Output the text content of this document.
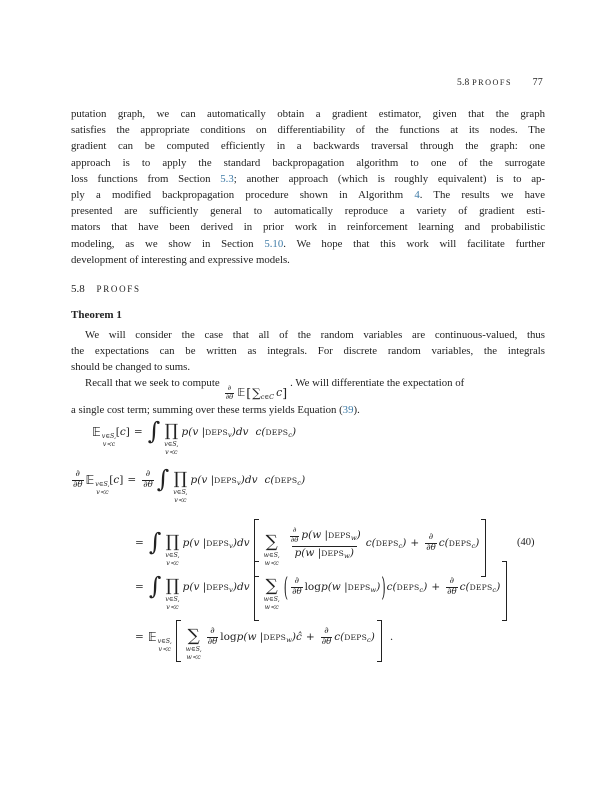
5.8 PROOFS 77
putation graph, we can automatically obtain a gradient estimator, given that the graph
satisfies the appropriate conditions on differentiability of the functions at its nodes. The
gradient can be computed efficiently in a backwards traversal through the graph: one
approach is to apply the standard backpropagation algorithm to one of the surrogate
loss functions from Section 5.3; another approach (which is roughly equivalent) is to ap-
ply a modified backpropagation procedure shown in Algorithm 4. The results we have
presented are sufficiently general to automatically reproduce a variety of gradient esti-
mators that have been derived in prior work in reinforcement learning and probabilistic
modeling, as we show in Section 5.10. We hope that this work will facilitate further
development of interesting and expressive models.
5.8 PROOFS
Theorem 1
We will consider the case that all of the random variables are continuous-valued, thus
the expectations can be written as integrals. For discrete random variables, the integrals
should be changed to sums.
Recall that we seek to compute ∂
∂θ 𝔼 [ ∑ c∈C c ]
. We will differentiate the expectation of
a single cost term; summing over these terms yields Equation (39).
𝔼 v∈S,
v≺c
[ c ] = ∫ ∏
v∈S,
v≺c
p(v | DEPS v )dv c( DEPS c )
∂
∂θ 𝔼 v∈S,
v≺c
[ c ] =
∂
∂θ ∫ ∏
v∈S,
v≺c
p(v | DEPS v )dv c( DEPS c )
= ∫ ∏
v∈S,
v≺c
p(v | DEPS v )dv ∑
w∈S,
w≺c
∂
∂θ p(w | DEPS w )
p(w | DEPS w )
c( DEPS c ) +
∂
∂θ c( DEPS c )	(40)
= ∫ ∏
v∈S,
v≺c
p(v | DEPS v )dv ∑
w∈S,
w≺c
( ∂
∂θ log p(w | DEPS w ) ) c( DEPS c ) +
∂
∂θ c( DEPS c )
= 𝔼 v∈S,
v≺c
∑
w∈S,
w≺c
∂
∂θ log p(w | DEPS w ) ĉ +
∂
∂θ c( DEPS c ) .
